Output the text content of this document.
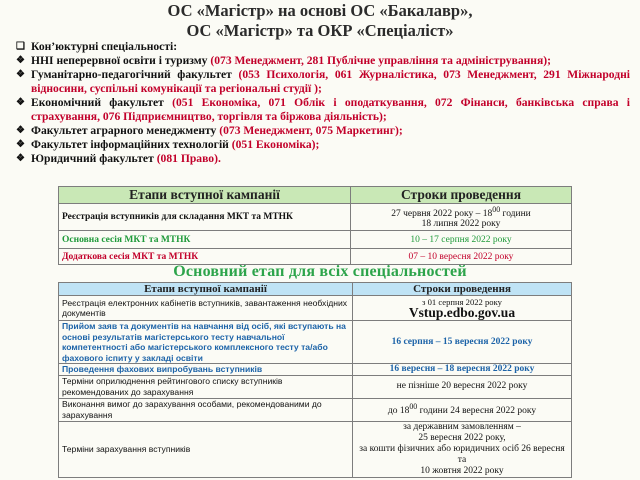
ОС «Магістр» на основі ОС «Бакалавр»,
ОС «Магістр» та ОКР «Спеціаліст»
❑ Кон’юктурні спеціальності:
❖ ННІ неперервної освіти і туризму (073 Менеджмент, 281 Публічне управління та адміністрування);
❖ Гуманітарно-педагогічний факультет (053 Психологія, 061 Журналістика, 073 Менеджмент, 291 Міжнародні відносини, суспільні комунікації та регіональні студії );
❖ Економічний факультет (051 Економіка, 071 Облік і оподаткування, 072 Фінанси, банківська справа і страхування, 076 Підприємництво, торгівля та біржова діяльність);
❖ Факультет аграрного менеджменту (073 Менеджмент, 075 Маркетинг);
❖ Факультет інформаційних технологій (051 Економіка);
❖ Юридичний факультет (081 Право).
Етапи вступної кампанії	Строки проведення
Реєстрація вступників для складання МКТ та МТНК	27 червня 2022 року – $18^{00}$ години
18 липня 2022 року
Основна сесія МКТ та МТНК	10 – 17 серпня 2022 року
Додаткова сесія МКТ та МТНК	07 – 10 вересня 2022 року
Основний етап для всіх спеціальностей
Етапи вступної кампанії	Строки проведення
Реєстрація електронних кабінетів вступників, завантаження необхідних документів	з 01 серпня 2022 року
Vstup.edbo.gov.ua
Прийом заяв та документів на навчання від осіб, які вступають на основі результатів магістерського тесту навчальної компетентності або магістерського комплексного тесту та/або фахового іспиту у закладі освіти	16 серпня – 15 вересня 2022 року
Проведення фахових випробувань вступників	16 вересня – 18 вересня 2022 року
Терміни оприлюднення рейтингового списку вступників рекомендованих до зарахування	не пізніше 20 вересня 2022 року
Виконання вимог до зарахування особами, рекомендованими до зарахування	до $18^{00}$ години 24 вересня 2022 року
Терміни зарахування вступників	за державним замовленням –
25 вересня 2022 року,
за кошти фізичних або юридичних осіб 26 вересня та
10 жовтня 2022 року
